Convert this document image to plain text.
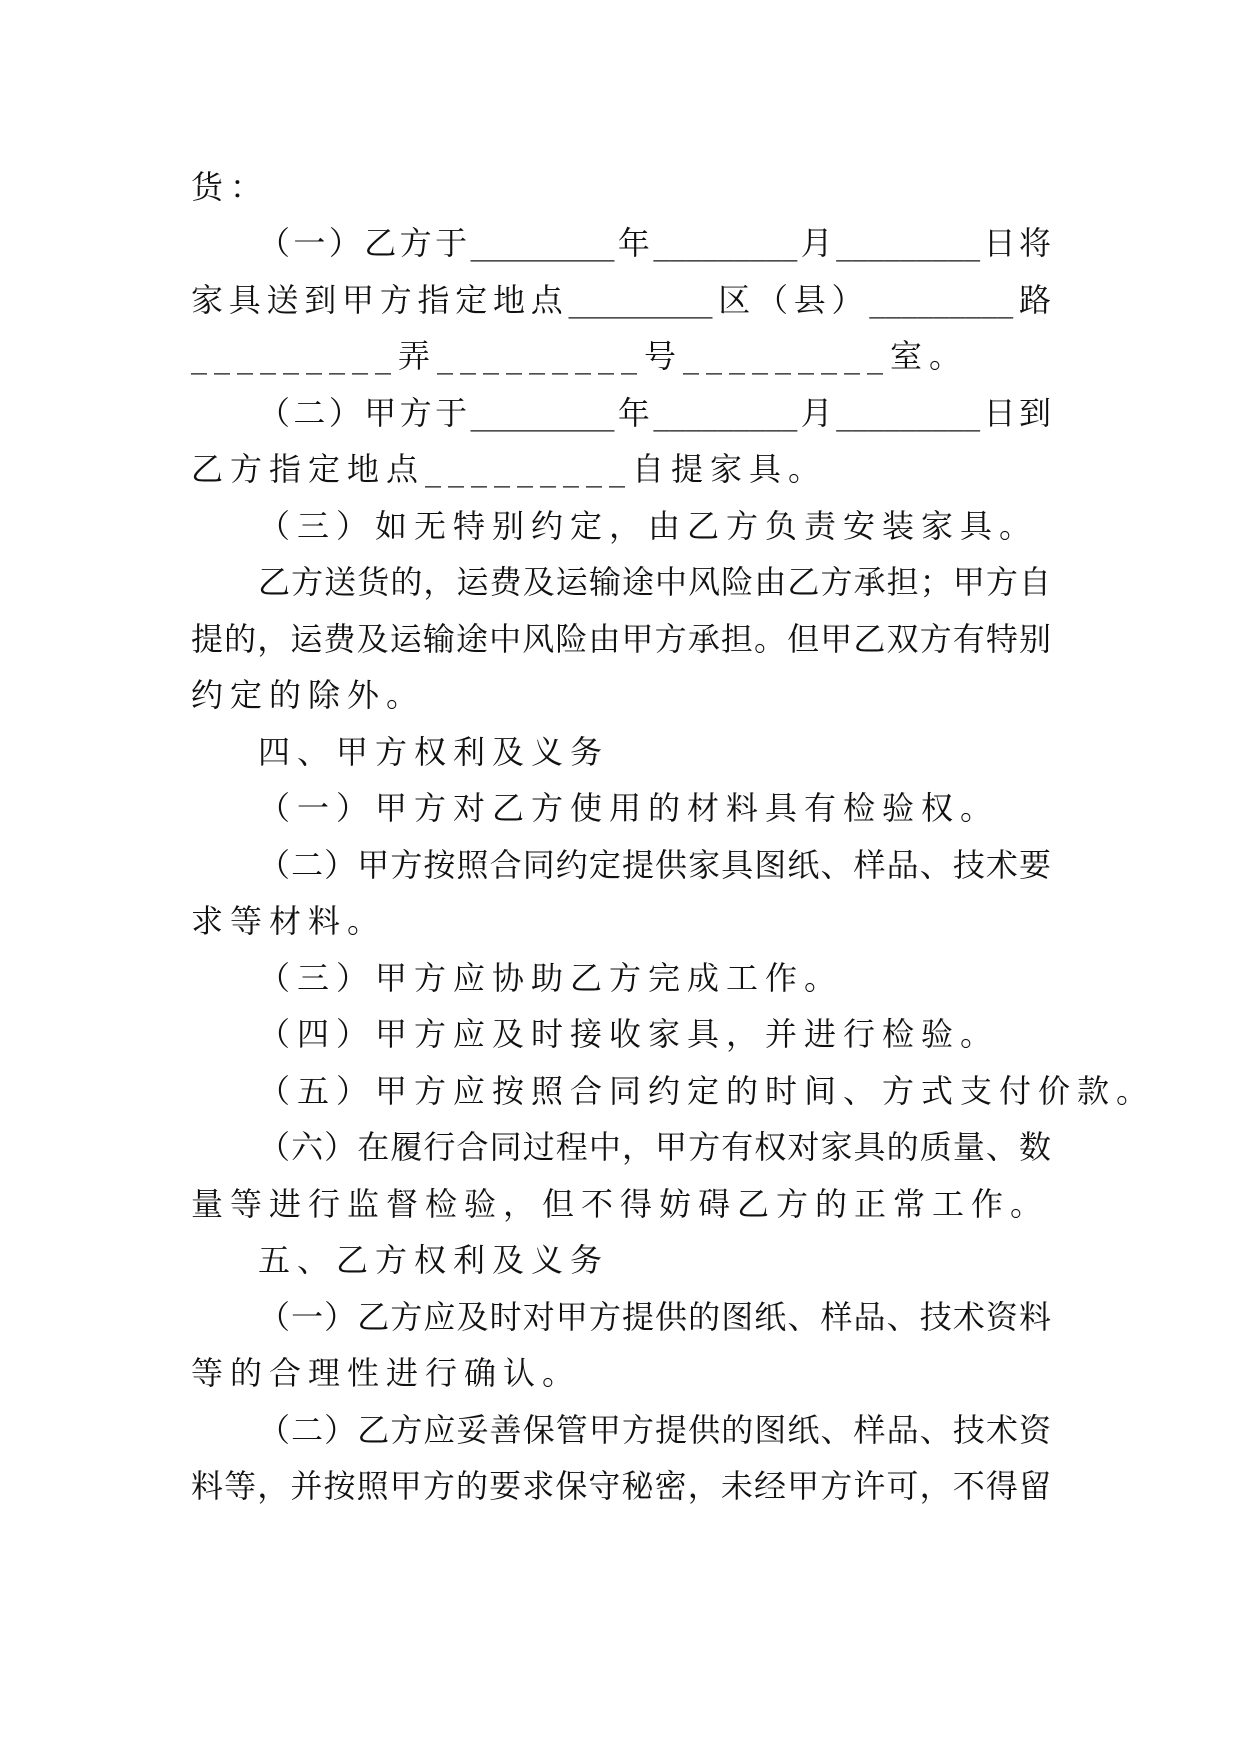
货：
（一）乙方于_________年_________月_________日将
家具送到甲方指定地点_________区（县）_________路
_________弄_________号_________室。
（二）甲方于_________年_________月_________日到
乙方指定地点_________自提家具。
（三）如无特别约定，由乙方负责安装家具。
乙方送货的，运费及运输途中风险由乙方承担；甲方自
提的，运费及运输途中风险由甲方承担。但甲乙双方有特别
约定的除外。
四、甲方权利及义务
（一）甲方对乙方使用的材料具有检验权。
（二）甲方按照合同约定提供家具图纸、样品、技术要
求等材料。
（三）甲方应协助乙方完成工作。
（四）甲方应及时接收家具，并进行检验。
（五）甲方应按照合同约定的时间、方式支付价款。
（六）在履行合同过程中，甲方有权对家具的质量、数
量等进行监督检验，但不得妨碍乙方的正常工作。
五、乙方权利及义务
（一）乙方应及时对甲方提供的图纸、样品、技术资料
等的合理性进行确认。
（二）乙方应妥善保管甲方提供的图纸、样品、技术资
料等，并按照甲方的要求保守秘密，未经甲方许可，不得留
